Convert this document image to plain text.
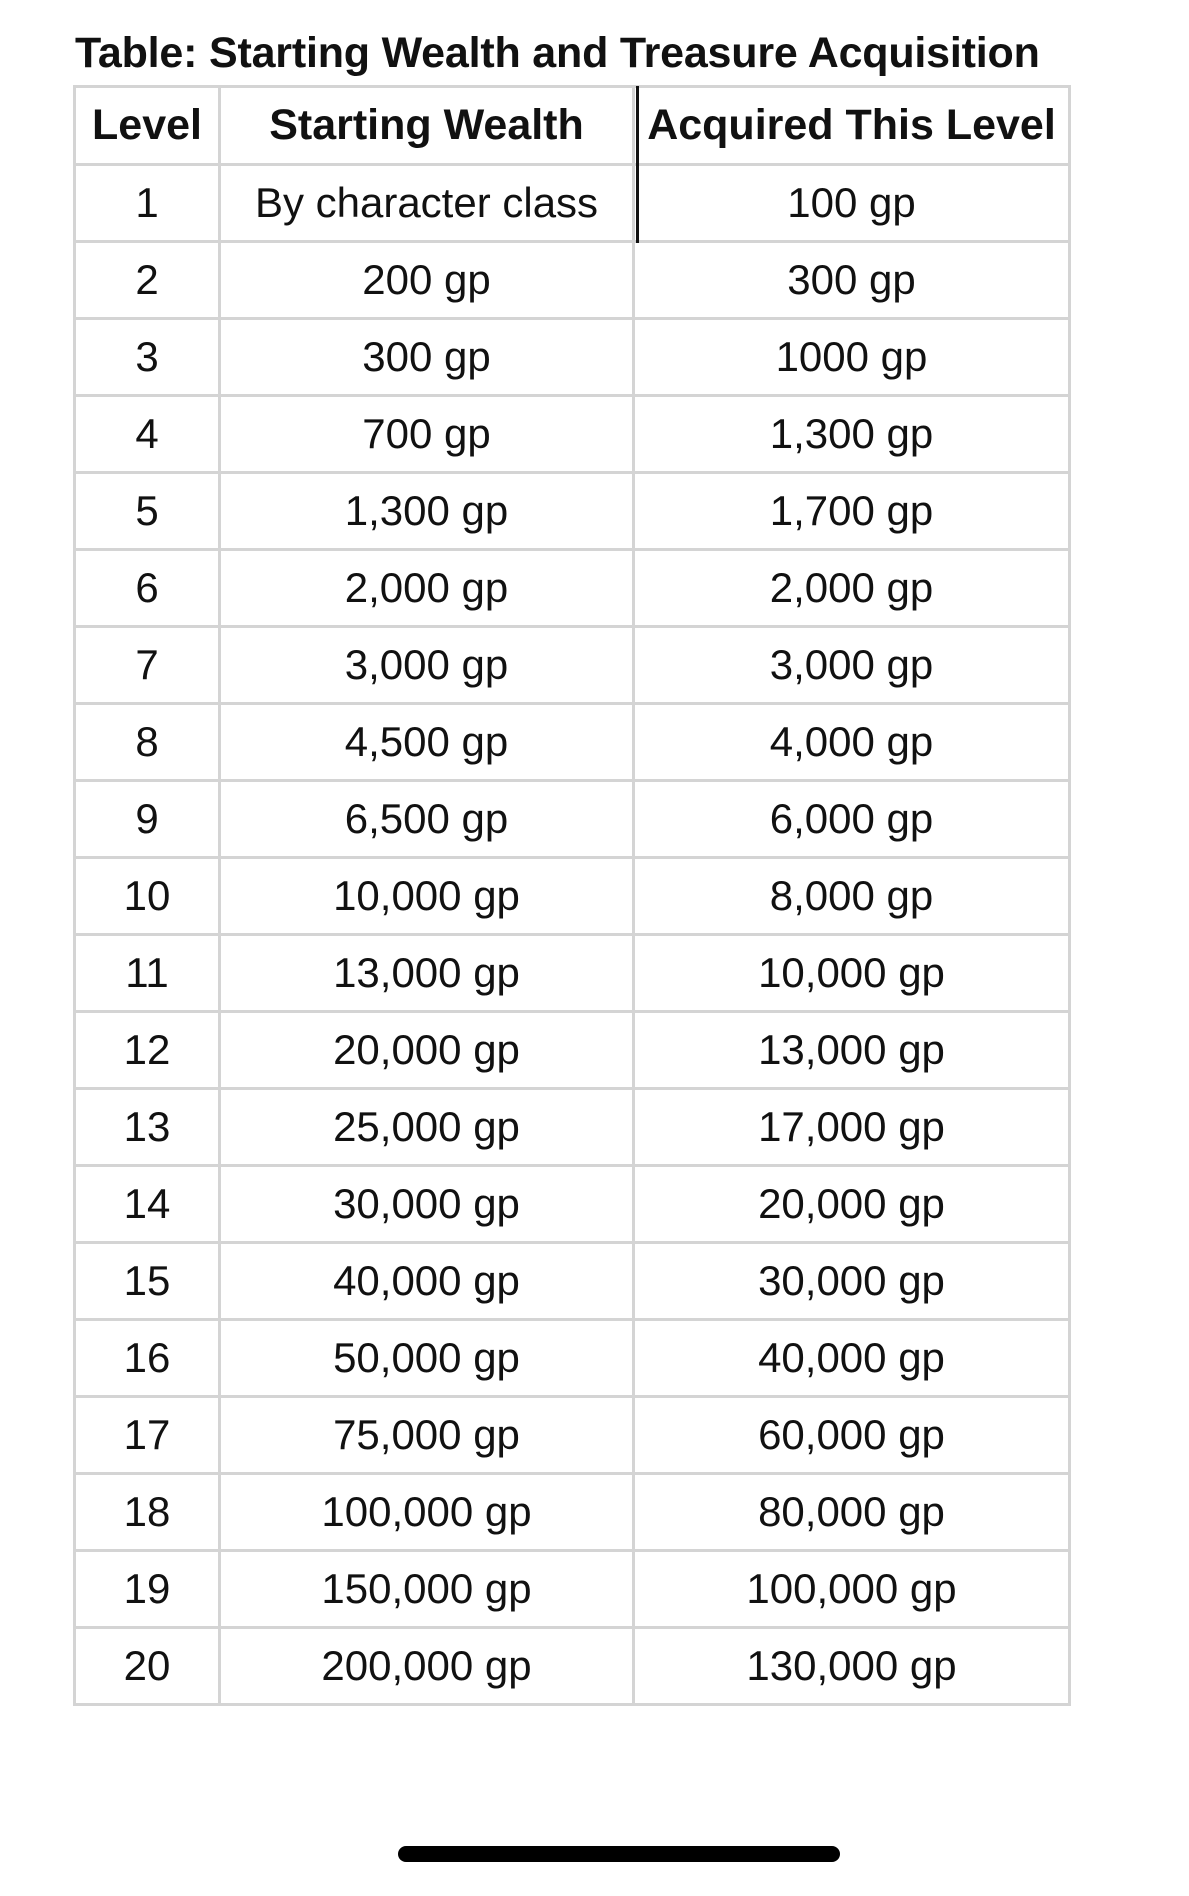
Table: Starting Wealth and Treasure Acquisition
Level	Starting Wealth	Acquired This Level
1	By character class	100 gp
2	200 gp	300 gp
3	300 gp	1000 gp
4	700 gp	1,300 gp
5	1,300 gp	1,700 gp
6	2,000 gp	2,000 gp
7	3,000 gp	3,000 gp
8	4,500 gp	4,000 gp
9	6,500 gp	6,000 gp
10	10,000 gp	8,000 gp
11	13,000 gp	10,000 gp
12	20,000 gp	13,000 gp
13	25,000 gp	17,000 gp
14	30,000 gp	20,000 gp
15	40,000 gp	30,000 gp
16	50,000 gp	40,000 gp
17	75,000 gp	60,000 gp
18	100,000 gp	80,000 gp
19	150,000 gp	100,000 gp
20	200,000 gp	130,000 gp
